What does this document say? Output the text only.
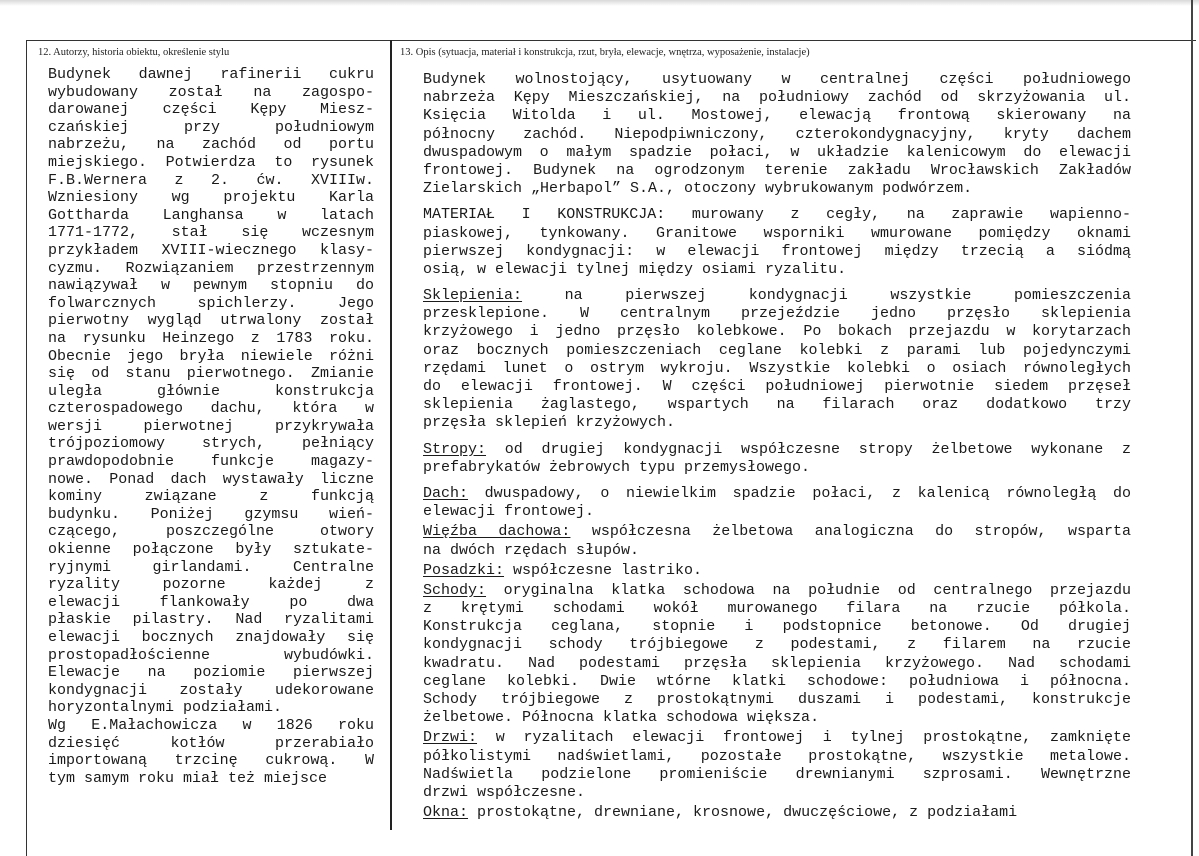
12. Autorzy, historia obiektu, określenie stylu	13. Opis (sytuacja, materiał i konstrukcja, rzut, bryła, elewacje, wnętrza, wyposażenie, instalacje)
Budynek dawnej rafinerii cukru
wybudowany został na zagospo-
darowanej części Kępy Miesz-
czańskiej przy południowym
nabrzeżu, na zachód od portu
miejskiego. Potwierdza to rysunek
F.B.Wernera z 2. ćw. XVIIIw.
Wzniesiony wg projektu Karla
Gottharda Langhansa w latach
1771-1772, stał się wczesnym
przykładem XVIII-wiecznego klasy-
cyzmu. Rozwiązaniem przestrzennym
nawiązywał w pewnym stopniu do
folwarcznych spichlerzy. Jego
pierwotny wygląd utrwalony został
na rysunku Heinzego z 1783 roku.
Obecnie jego bryła niewiele różni
się od stanu pierwotnego. Zmianie
uległa głównie konstrukcja
czterospadowego dachu, która w
wersji pierwotnej przykrywała
trójpoziomowy strych, pełniący
prawdopodobnie funkcje magazy-
nowe. Ponad dach wystawały liczne
kominy związane z funkcją
budynku. Poniżej gzymsu wień-
czącego, poszczególne otwory
okienne połączone były sztukate-
ryjnymi girlandami. Centralne
ryzality pozorne każdej z
elewacji flankowały po dwa
płaskie pilastry. Nad ryzalitami
elewacji bocznych znajdowały się
prostopadłościenne wybudówki.
Elewacje na poziomie pierwszej
kondygnacji zostały udekorowane
horyzontalnymi podziałami.
Wg E.Małachowicza w 1826 roku
dziesięć kotłów przerabiało
importowaną trzcinę cukrową. W
tym samym roku miał też miejsce
Budynek wolnostojący, usytuowany w centralnej części południowego
nabrzeża Kępy Mieszczańskiej, na południowy zachód od skrzyżowania ul.
Księcia Witolda i ul. Mostowej, elewacją frontową skierowany na
północny zachód. Niepodpiwniczony, czterokondygnacyjny, kryty dachem
dwuspadowym o małym spadzie połaci, w układzie kalenicowym do elewacji
frontowej. Budynek na ogrodzonym terenie zakładu Wrocławskich Zakładów
Zielarskich „Herbapol” S.A., otoczony wybrukowanym podwórzem.
MATERIAŁ I KONSTRUKCJA: murowany z cegły, na zaprawie wapienno-
piaskowej, tynkowany. Granitowe wsporniki wmurowane pomiędzy oknami
pierwszej kondygnacji: w elewacji frontowej między trzecią a siódmą
osią, w elewacji tylnej między osiami ryzalitu.
Sklepienia: na pierwszej kondygnacji wszystkie pomieszczenia
przesklepione. W centralnym przejeździe jedno przęsło sklepienia
krzyżowego i jedno przęsło kolebkowe. Po bokach przejazdu w korytarzach
oraz bocznych pomieszczeniach ceglane kolebki z parami lub pojedynczymi
rzędami lunet o ostrym wykroju. Wszystkie kolebki o osiach równoległych
do elewacji frontowej. W części południowej pierwotnie siedem przęseł
sklepienia żaglastego, wspartych na filarach oraz dodatkowo trzy
przęsła sklepień krzyżowych.
Stropy: od drugiej kondygnacji współczesne stropy żelbetowe wykonane z
prefabrykatów żebrowych typu przemysłowego.
Dach: dwuspadowy, o niewielkim spadzie połaci, z kalenicą równoległą do
elewacji frontowej.
Więźba dachowa: współczesna żelbetowa analogiczna do stropów, wsparta
na dwóch rzędach słupów.
Posadzki: współczesne lastriko.
Schody: oryginalna klatka schodowa na południe od centralnego przejazdu
z krętymi schodami wokół murowanego filara na rzucie półkola.
Konstrukcja ceglana, stopnie i podstopnice betonowe. Od drugiej
kondygnacji schody trójbiegowe z podestami, z filarem na rzucie
kwadratu. Nad podestami przęsła sklepienia krzyżowego. Nad schodami
ceglane kolebki. Dwie wtórne klatki schodowe: południowa i północna.
Schody trójbiegowe z prostokątnymi duszami i podestami, konstrukcje
żelbetowe. Północna klatka schodowa większa.
Drzwi: w ryzalitach elewacji frontowej i tylnej prostokątne, zamknięte
półkolistymi nadświetlami, pozostałe prostokątne, wszystkie metalowe.
Nadświetla podzielone promieniście drewnianymi szprosami. Wewnętrzne
drzwi współczesne.
Okna: prostokątne, drewniane, krosnowe, dwuczęściowe, z podziałami
